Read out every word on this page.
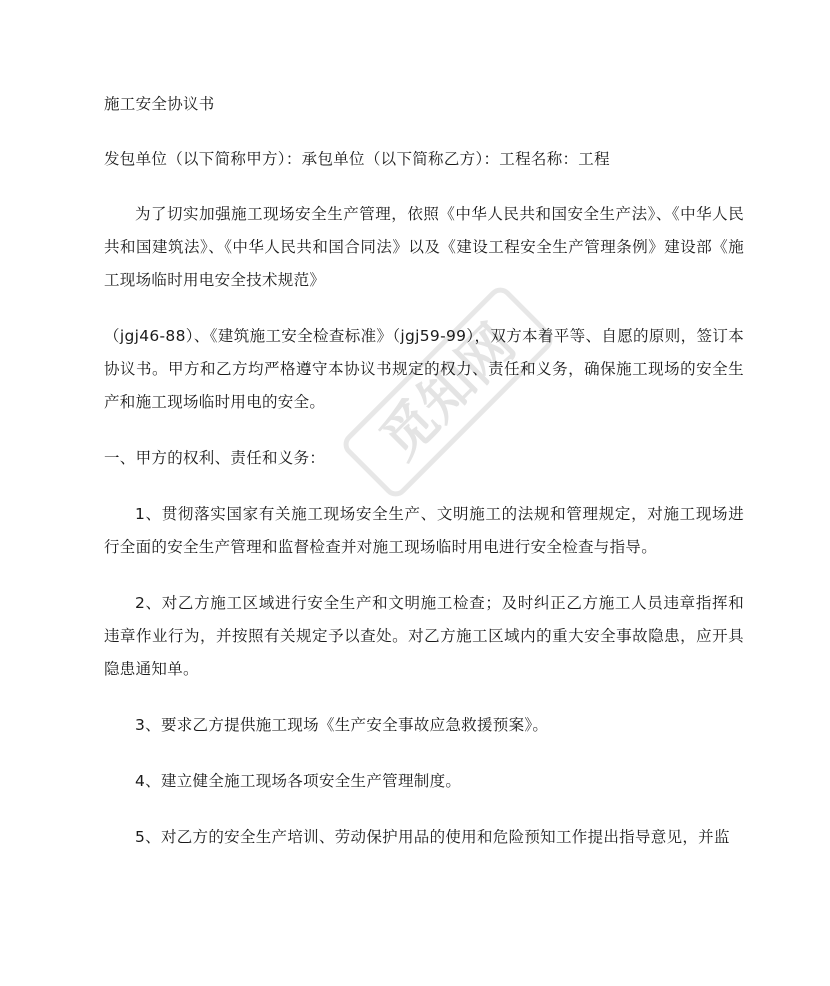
觅知网

施工安全协议书

发包单位（以下简称甲方）：承包单位（以下简称乙方）：工程名称：工程

为了切实加强施工现场安全生产管理，依照《中华人民共和国安全生产法》、《中华人民共和国建筑法》、《中华人民共和国合同法》以及《建设工程安全生产管理条例》建设部《施工现场临时用电安全技术规范》

（jgj46-88）、《建筑施工安全检查标准》（jgj59-99），双方本着平等、自愿的原则，签订本协议书。甲方和乙方均严格遵守本协议书规定的权力、责任和义务，确保施工现场的安全生产和施工现场临时用电的安全。

一、甲方的权利、责任和义务：

1、贯彻落实国家有关施工现场安全生产、文明施工的法规和管理规定，对施工现场进行全面的安全生产管理和监督检查并对施工现场临时用电进行安全检查与指导。

2、对乙方施工区域进行安全生产和文明施工检查；及时纠正乙方施工人员违章指挥和违章作业行为，并按照有关规定予以查处。对乙方施工区域内的重大安全事故隐患，应开具隐患通知单。

3、要求乙方提供施工现场《生产安全事故应急救援预案》。

4、建立健全施工现场各项安全生产管理制度。

5、对乙方的安全生产培训、劳动保护用品的使用和危险预知工作提出指导意见，并监
